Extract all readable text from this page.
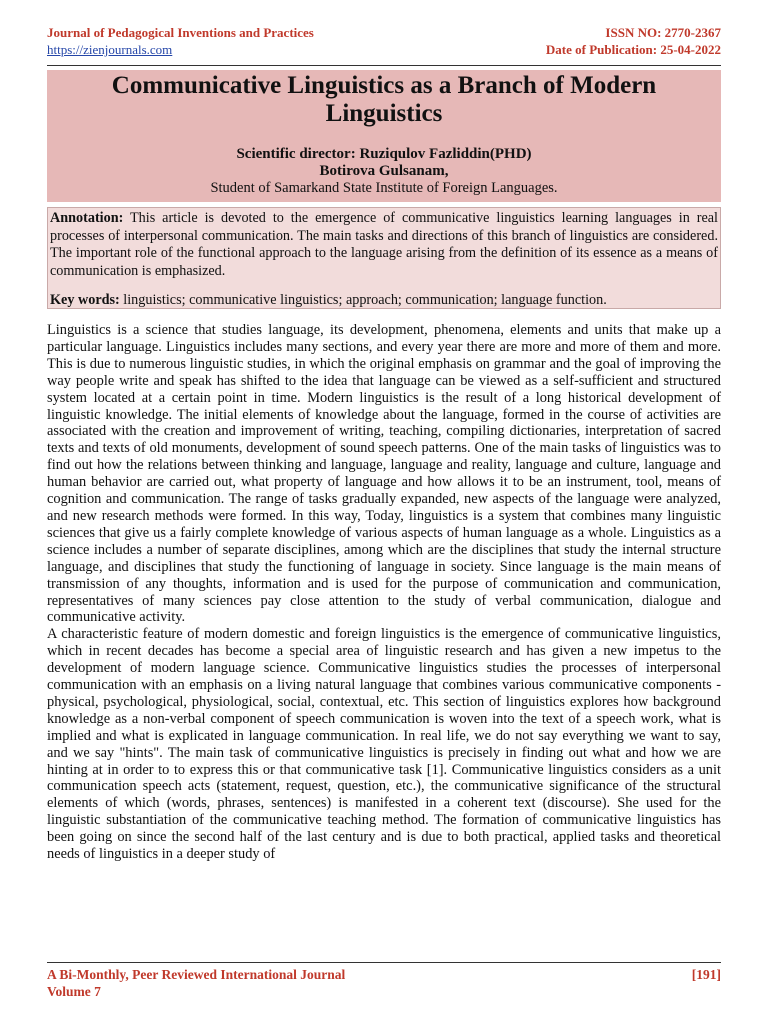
Journal of Pedagogical Inventions and Practices
https://zienjournals.com
ISSN NO: 2770-2367
Date of Publication: 25-04-2022
Communicative Linguistics as a Branch of Modern Linguistics
Scientific director: Ruziqulov Fazliddin(PHD)
Botirova Gulsanam,
Student of Samarkand State Institute of Foreign Languages.

Annotation: This article is devoted to the emergence of communicative linguistics learning languages in real processes of interpersonal communication. The main tasks and directions of this branch of linguistics are considered. The important role of the functional approach to the language arising from the definition of its essence as a means of communication is emphasized.

Key words: linguistics; communicative linguistics; approach; communication; language function.

Linguistics is a science that studies language, its development, phenomena, elements and units that make up a particular language. Linguistics includes many sections, and every year there are more and more of them and more. This is due to numerous linguistic studies, in which the original emphasis on grammar and the goal of improving the way people write and speak has shifted to the idea that language can be viewed as a self-sufficient and structured system located at a certain point in time. Modern linguistics is the result of a long historical development of linguistic knowledge. The initial elements of knowledge about the language, formed in the course of activities are associated with the creation and improvement of writing, teaching, compiling dictionaries, interpretation of sacred texts and texts of old monuments, development of sound speech patterns. One of the main tasks of linguistics was to find out how the relations between thinking and language, language and reality, language and culture, language and human behavior are carried out, what property of language and how allows it to be an instrument, tool, means of cognition and communication. The range of tasks gradually expanded, new aspects of the language were analyzed, and new research methods were formed. In this way, Today, linguistics is a system that combines many linguistic sciences that give us a fairly complete knowledge of various aspects of human language as a whole. Linguistics as a science includes a number of separate disciplines, among which are the disciplines that study the internal structure language, and disciplines that study the functioning of language in society. Since language is the main means of transmission of any thoughts, information and is used for the purpose of communication and communication, representatives of many sciences pay close attention to the study of verbal communication, dialogue and communicative activity.

A characteristic feature of modern domestic and foreign linguistics is the emergence of communicative linguistics, which in recent decades has become a special area of linguistic research and has given a new impetus to the development of modern language science. Communicative linguistics studies the processes of interpersonal communication with an emphasis on a living natural language that combines various communicative components - physical, psychological, physiological, social, contextual, etc. This section of linguistics explores how background knowledge as a non-verbal component of speech communication is woven into the text of a speech work, what is implied and what is explicated in language communication. In real life, we do not say everything we want to say, and we say "hints". The main task of communicative linguistics is precisely in finding out what and how we are hinting at in order to to express this or that communicative task [1]. Communicative linguistics considers as a unit communication speech acts (statement, request, question, etc.), the communicative significance of the structural elements of which (words, phrases, sentences) is manifested in a coherent text (discourse). She used for the linguistic substantiation of the communicative teaching method. The formation of communicative linguistics has been going on since the second half of the last century and is due to both practical, applied tasks and theoretical needs of linguistics in a deeper study of

A Bi-Monthly, Peer Reviewed International Journal
Volume 7
[191]
